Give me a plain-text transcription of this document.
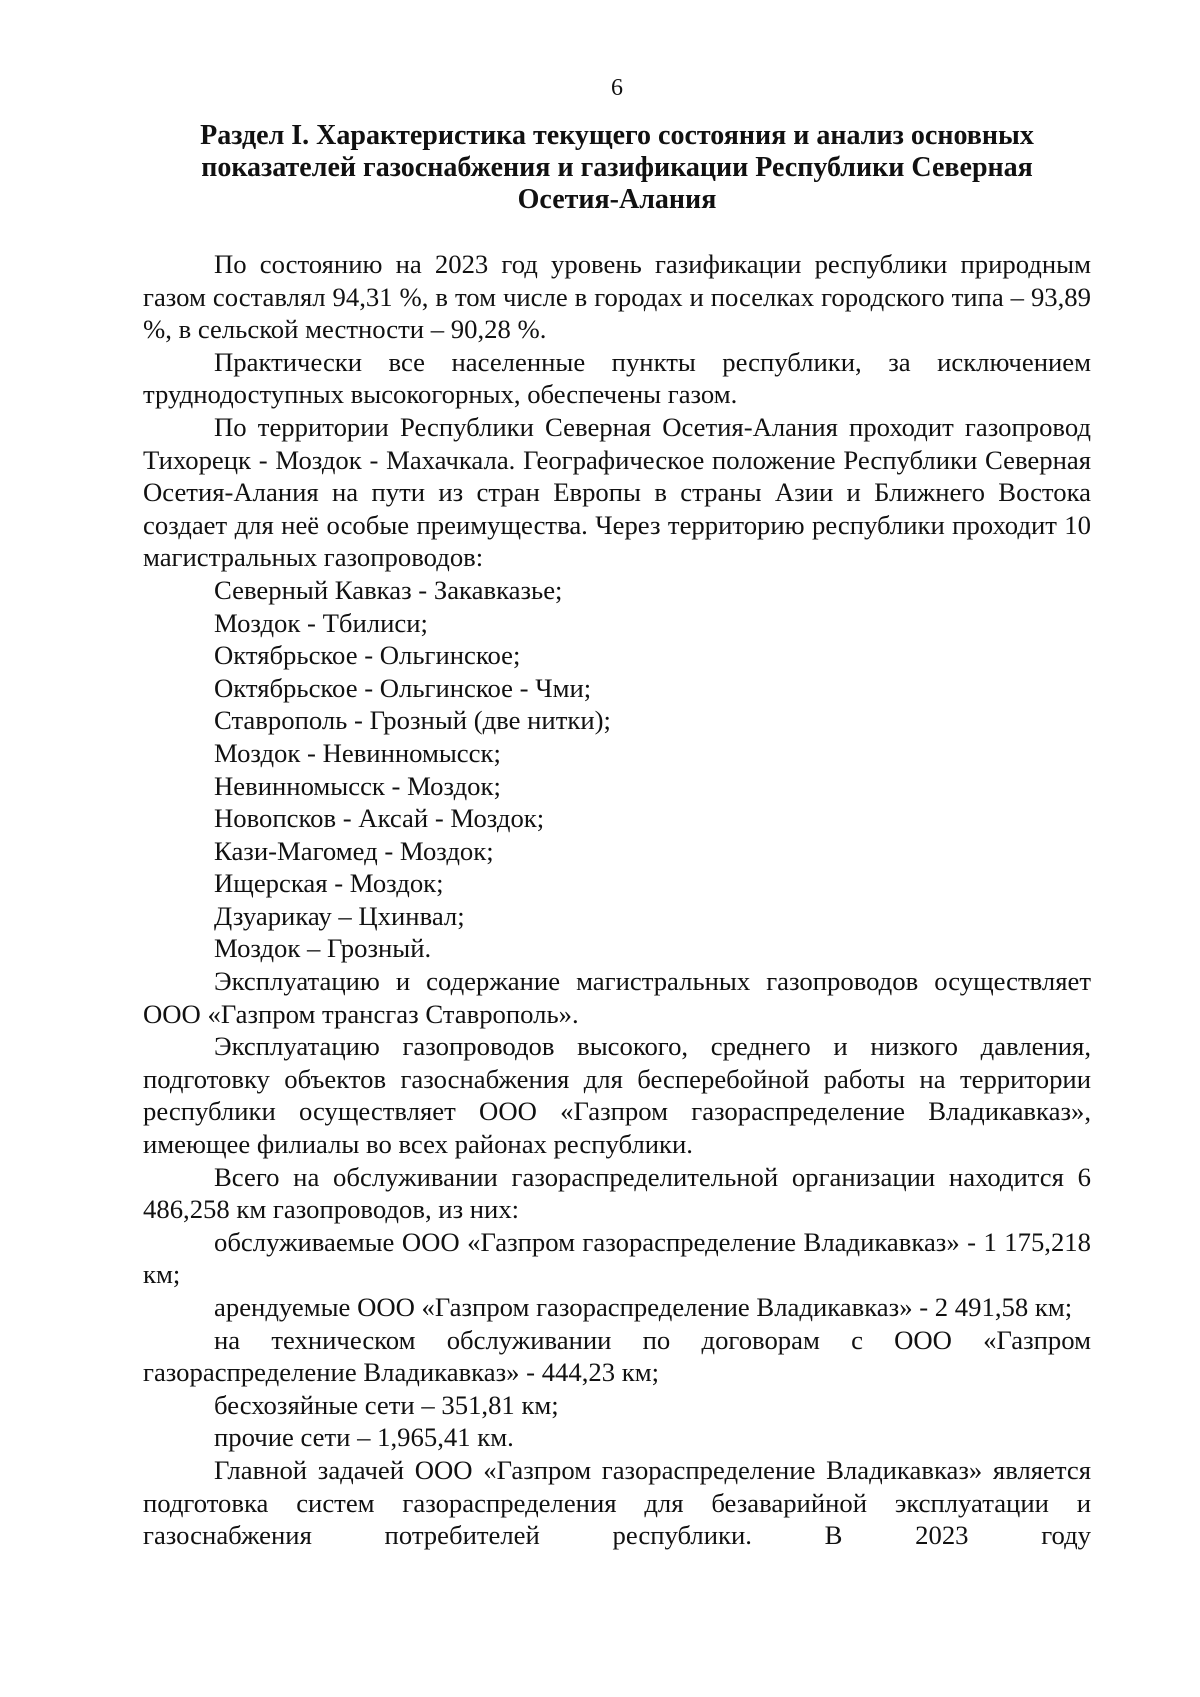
6
Раздел I. Характеристика текущего состояния и анализ основных показателей газоснабжения и газификации Республики Северная Осетия-Алания

По состоянию на 2023 год уровень газификации республики природным газом составлял 94,31 %, в том числе в городах и поселках городского типа – 93,89 %, в сельской местности – 90,28 %.

Практически все населенные пункты республики, за исключением труднодоступных высокогорных, обеспечены газом.

По территории Республики Северная Осетия-Алания проходит газопровод Тихорецк - Моздок - Махачкала. Географическое положение Республики Северная Осетия-Алания на пути из стран Европы в страны Азии и Ближнего Востока создает для неё особые преимущества. Через территорию республики проходит 10 магистральных газопроводов:

Северный Кавказ - Закавказье;
Моздок - Тбилиси;
Октябрьское - Ольгинское;
Октябрьское - Ольгинское - Чми;
Ставрополь - Грозный (две нитки);
Моздок - Невинномысск;
Невинномысск - Моздок;
Новопсков - Аксай - Моздок;
Кази-Магомед - Моздок;
Ищерская - Моздок;
Дзуарикау – Цхинвал;
Моздок – Грозный.

Эксплуатацию и содержание магистральных газопроводов осуществляет ООО «Газпром трансгаз Ставрополь».

Эксплуатацию газопроводов высокого, среднего и низкого давления, подготовку объектов газоснабжения для бесперебойной работы на территории республики осуществляет ООО «Газпром газораспределение Владикавказ», имеющее филиалы во всех районах республики.

Всего на обслуживании газораспределительной организации находится 6 486,258 км газопроводов, из них:

обслуживаемые ООО «Газпром газораспределение Владикавказ» - 1 175,218 км;

арендуемые ООО «Газпром газораспределение Владикавказ» - 2 491,58 км;

на техническом обслуживании по договорам с ООО «Газпром газораспределение Владикавказ» - 444,23 км;

бесхозяйные сети – 351,81 км;

прочие сети – 1,965,41 км.

Главной задачей ООО «Газпром газораспределение Владикавказ» является подготовка систем газораспределения для безаварийной эксплуатации и газоснабжения потребителей республики. В 2023 году
